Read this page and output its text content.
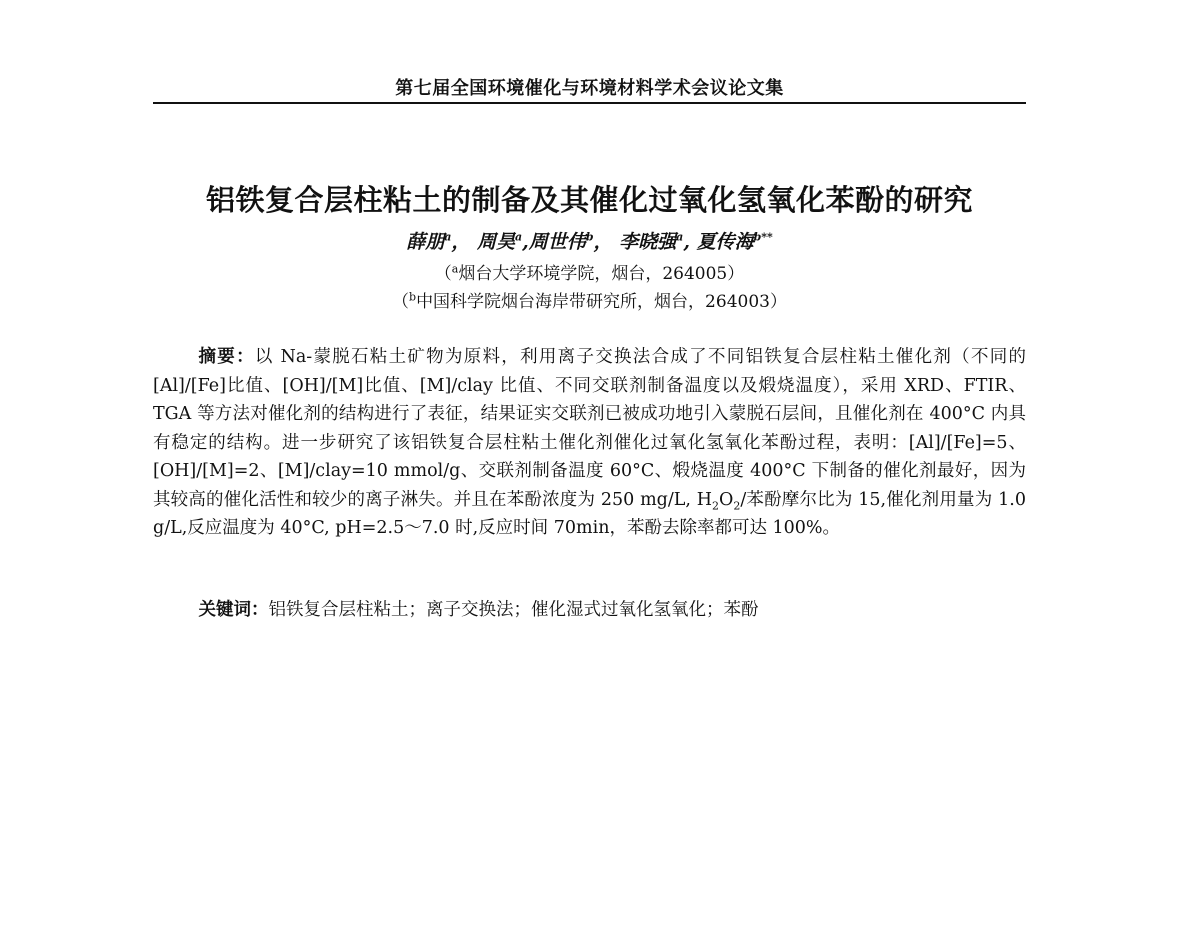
第七届全国环境催化与环境材料学术会议论文集
铝铁复合层柱粘土的制备及其催化过氧化氢氧化苯酚的研究
薛朋$^a$， 周昊$^a$,周世伟$^b$， 李晓强$^a$, 夏传海$^{b**}$
（$^a$烟台大学环境学院，烟台，264005）
（$^b$中国科学院烟台海岸带研究所，烟台，264003）

摘要：以 Na-蒙脱石粘土矿物为原料，利用离子交换法合成了不同铝铁复合层柱粘土催化剂（不同的[Al]/[Fe]比值、[OH]/[M]比值、[M]/clay 比值、不同交联剂制备温度以及煅烧温度），采用 XRD、FTIR、TGA 等方法对催化剂的结构进行了表征，结果证实交联剂已被成功地引入蒙脱石层间，且催化剂在 400°C 内具有稳定的结构。进一步研究了该铝铁复合层柱粘土催化剂催化过氧化氢氧化苯酚过程，表明：[Al]/[Fe]=5、[OH]/[M]=2、[M]/clay=10 mmol/g、交联剂制备温度 60°C、煅烧温度 400°C 下制备的催化剂最好，因为其较高的催化活性和较少的离子淋失。并且在苯酚浓度为 250 mg/L, $H_2O_2/$苯酚摩尔比为 15,催化剂用量为 1.0 g/L,反应温度为 40°C, pH=2.5～7.0 时,反应时间 70min，苯酚去除率都可达 100%。

关键词：铝铁复合层柱粘土；离子交换法；催化湿式过氧化氢氧化；苯酚
